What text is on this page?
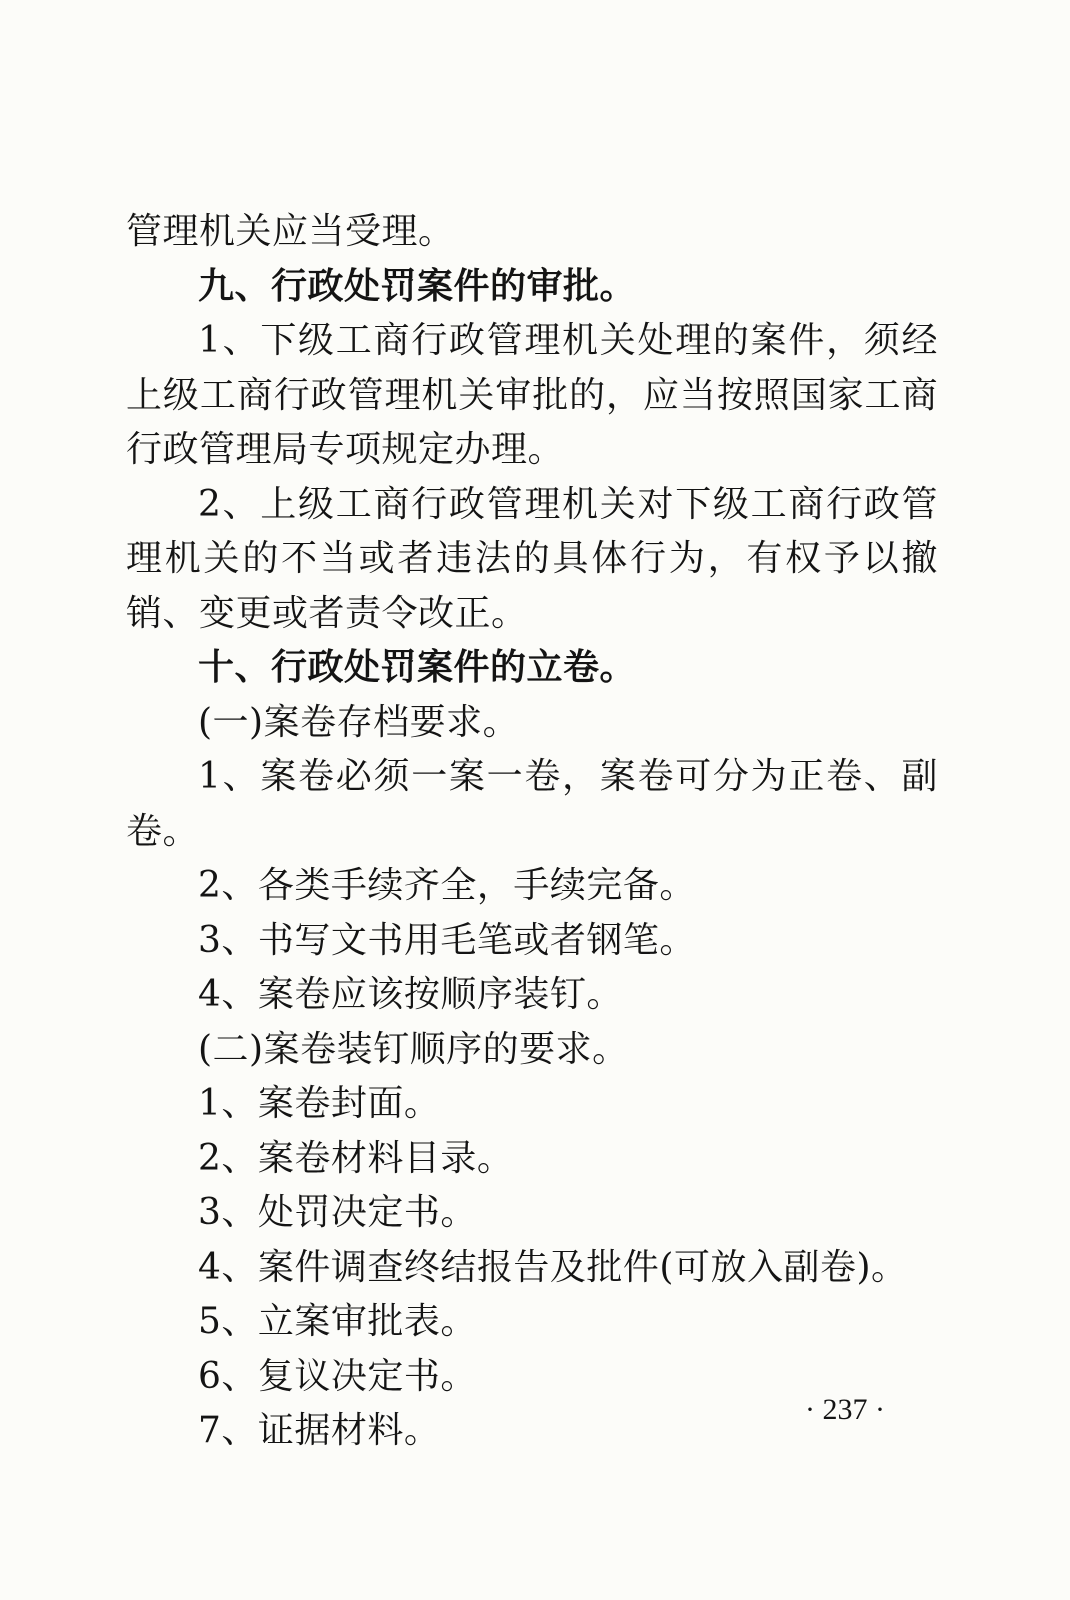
管理机关应当受理。

九、行政处罚案件的审批。

1、下级工商行政管理机关处理的案件，须经上级工商行政管理机关审批的，应当按照国家工商行政管理局专项规定办理。

2、上级工商行政管理机关对下级工商行政管理机关的不当或者违法的具体行为，有权予以撤销、变更或者责令改正。

十、行政处罚案件的立卷。

(一)案卷存档要求。

1、案卷必须一案一卷，案卷可分为正卷、副卷。

2、各类手续齐全，手续完备。

3、书写文书用毛笔或者钢笔。

4、案卷应该按顺序装钉。

(二)案卷装钉顺序的要求。

1、案卷封面。

2、案卷材料目录。

3、处罚决定书。

4、案件调查终结报告及批件(可放入副卷)。

5、立案审批表。

6、复议决定书。

7、证据材料。

· 237 ·
